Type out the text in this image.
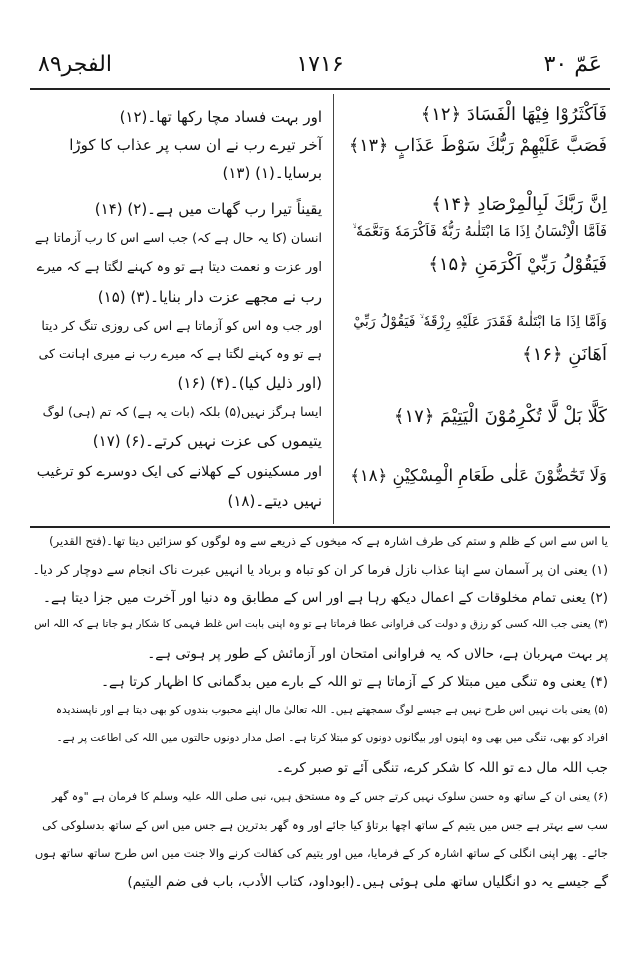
الفجر۸۹	۱۷۱۶	عَمّ ۳۰
فَاَكْثَرُوْا فِيْهَا الْفَسَادَ ﴿۱۲﴾
فَصَبَّ عَلَيْهِمْ رَبُّكَ سَوْطَ عَذَابٍ ﴿۱۳﴾
اِنَّ رَبَّكَ لَبِالْمِرْصَادِ ﴿۱۴﴾
فَاَمَّا الْاِنْسَانُ اِذَا مَا ابْتَلٰىهُ رَبُّهٗ فَاَكْرَمَهٗ وَنَعَّمَهٗ ۙ
فَيَقُوْلُ رَبِّيْ اَكْرَمَنِ ﴿۱۵﴾
وَاَمَّا اِذَا مَا ابْتَلٰىهُ فَقَدَرَ عَلَيْهِ رِزْقَهٗ ۙ فَيَقُوْلُ رَبِّيْ
اَهَانَنِ ﴿۱۶﴾
كَلَّا بَلْ لَّا تُكْرِمُوْنَ الْيَتِيْمَ ﴿۱۷﴾
وَلَا تَحٰٓضُّوْنَ عَلٰى طَعَامِ الْمِسْكِيْنِ ﴿۱۸﴾
اور بہت فساد مچا رکھا تھا۔(۱۲)
آخر تیرے رب نے ان سب پر عذاب کا کوڑا
برسایا۔(۱) (۱۳)
یقیناً تیرا رب گھات میں ہے۔(۲) (۱۴)
انسان (کا یہ حال ہے کہ) جب اسے اس کا رب آزماتا ہے
اور عزت و نعمت دیتا ہے تو وہ کہنے لگتا ہے کہ میرے
رب نے مجھے عزت دار بنایا۔(۳) (۱۵)
اور جب وہ اس کو آزماتا ہے اس کی روزی تنگ کر دیتا
ہے تو وہ کہنے لگتا ہے کہ میرے رب نے میری اہانت کی
(اور ذلیل کیا)۔(۴) (۱۶)
ایسا ہرگز نہیں(۵) بلکہ (بات یہ ہے) کہ تم (ہی) لوگ
یتیموں کی عزت نہیں کرتے۔(۶) (۱۷)
اور مسکینوں کے کھلانے کی ایک دوسرے کو ترغیب
نہیں دیتے۔(۱۸)
یا اس سے اس کے ظلم و ستم کی طرف اشارہ ہے کہ میخوں کے ذریعے سے وہ لوگوں کو سزائیں دیتا تھا۔(فتح القدیر)
(۱) یعنی ان پر آسمان سے اپنا عذاب نازل فرما کر ان کو تباہ و برباد یا انہیں عبرت ناک انجام سے دوچار کر دیا۔
(۲) یعنی تمام مخلوقات کے اعمال دیکھ رہا ہے اور اس کے مطابق وہ دنیا اور آخرت میں جزا دیتا ہے۔
(۳) یعنی جب اللہ کسی کو رزق و دولت کی فراوانی عطا فرماتا ہے تو وہ اپنی بابت اس غلط فہمی کا شکار ہو جاتا ہے کہ اللہ اس
پر بہت مہربان ہے، حالاں کہ یہ فراوانی امتحان اور آزمائش کے طور پر ہوتی ہے۔
(۴) یعنی وہ تنگی میں مبتلا کر کے آزماتا ہے تو اللہ کے بارے میں بدگمانی کا اظہار کرتا ہے۔
(۵) یعنی بات نہیں اس طرح نہیں ہے جیسے لوگ سمجھتے ہیں۔ اللہ تعالیٰ مال اپنے محبوب بندوں کو بھی دیتا ہے اور ناپسندیدہ
افراد کو بھی، تنگی میں بھی وہ اپنوں اور بیگانوں دونوں کو مبتلا کرتا ہے۔ اصل مدار دونوں حالتوں میں اللہ کی اطاعت پر ہے۔
جب اللہ مال دے تو اللہ کا شکر کرے، تنگی آئے تو صبر کرے۔
(۶) یعنی ان کے ساتھ وہ حسن سلوک نہیں کرتے جس کے وہ مستحق ہیں، نبی صلی اللہ علیہ وسلم کا فرمان ہے "وہ گھر
سب سے بہتر ہے جس میں یتیم کے ساتھ اچھا برتاؤ کیا جائے اور وہ گھر بدترین ہے جس میں اس کے ساتھ بدسلوکی کی
جائے۔ پھر اپنی انگلی کے ساتھ اشارہ کر کے فرمایا، میں اور یتیم کی کفالت کرنے والا جنت میں اس طرح ساتھ ساتھ ہوں
گے جیسے یہ دو انگلیاں ساتھ ملی ہوئی ہیں۔(ابوداود، کتاب الأدب، باب فی ضم الیتیم)
